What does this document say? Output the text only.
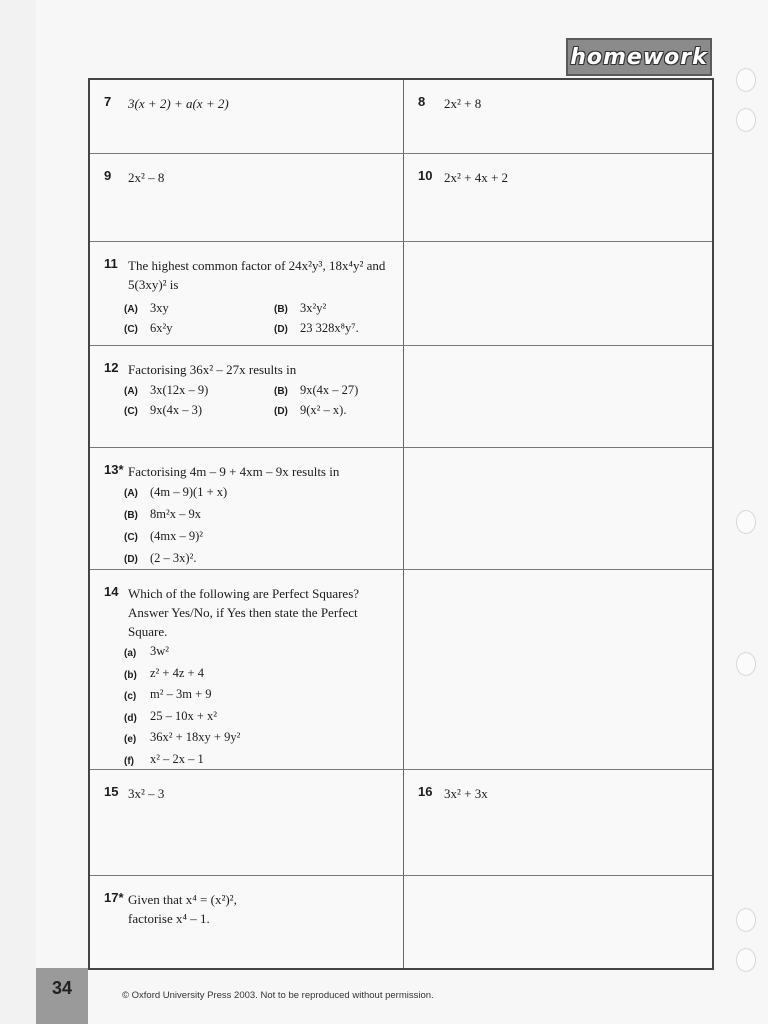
homework
7 3(x + 2) + a(x + 2)	8 2x² + 8
9 2x² – 8	10 2x² + 4x + 2
11 The highest common factor of 24x²y³, 18x⁴y² and 5(3xy)² is
(A) 3xy	(B) 3x²y²
(C) 6x²y	(D) 23 328x⁸y⁷.
12 Factorising 36x² – 27x results in
(A) 3x(12x – 9)	(B) 9x(4x – 27)
(C) 9x(4x – 3)	(D) 9(x² – x).
13* Factorising 4m – 9 + 4xm – 9x results in
(A) (4m – 9)(1 + x)
(B) 8m²x – 9x
(C) (4mx – 9)²
(D) (2 – 3x)².
14 Which of the following are Perfect Squares? Answer Yes/No, if Yes then state the Perfect Square.
(a)	3w²
(b)	z² + 4z + 4
(c)	m² – 3m + 9
(d)	25 – 10x + x²
(e)	36x² + 18xy + 9y²
(f)	x² – 2x – 1
15 3x² – 3	16 3x² + 3x
17* Given that x⁴ = (x²)²,
factorise x⁴ – 1.
34	© Oxford University Press 2003. Not to be reproduced without permission.
